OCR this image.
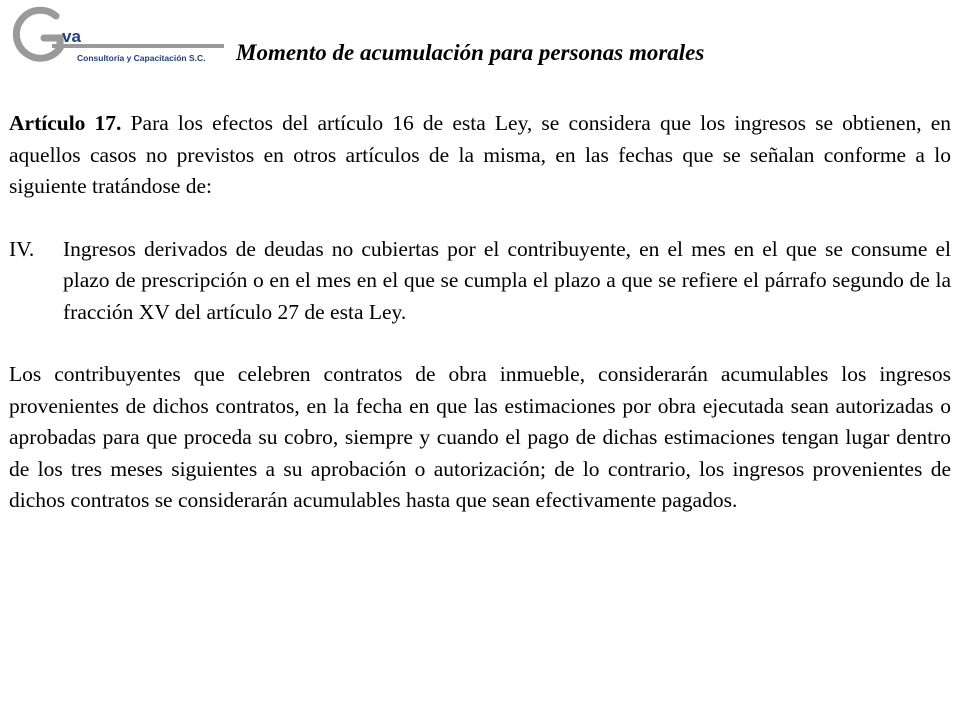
va
Consultoría y Capacitación S.C. Momento de acumulación para personas morales

Artículo 17. Para los efectos del artículo 16 de esta Ley, se considera que los ingresos se obtienen, en aquellos casos no previstos en otros artículos de la misma, en las fechas que se señalan conforme a lo siguiente tratándose de:

IV. Ingresos derivados de deudas no cubiertas por el contribuyente, en el mes en el que se consume el plazo de prescripción o en el mes en el que se cumpla el plazo a que se refiere el párrafo segundo de la fracción XV del artículo 27 de esta Ley.

Los contribuyentes que celebren contratos de obra inmueble, considerarán acumulables los ingresos provenientes de dichos contratos, en la fecha en que las estimaciones por obra ejecutada sean autorizadas o aprobadas para que proceda su cobro, siempre y cuando el pago de dichas estimaciones tengan lugar dentro de los tres meses siguientes a su aprobación o autorización; de lo contrario, los ingresos provenientes de dichos contratos se considerarán acumulables hasta que sean efectivamente pagados.
